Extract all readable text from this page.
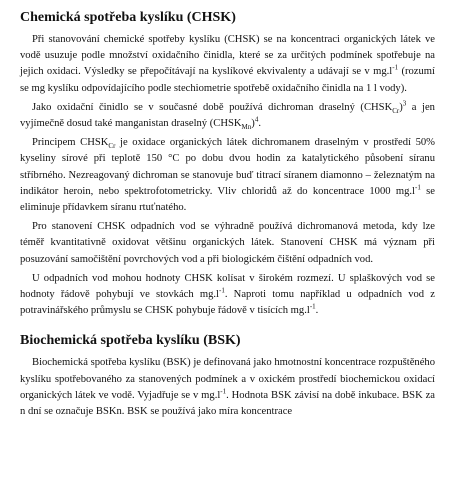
Chemická spotřeba kyslíku (CHSK)

Při stanovování chemické spotřeby kyslíku (CHSK) se na koncentraci organických látek ve vodě usuzuje podle množství oxidačního činidla, které se za určitých podmínek spotřebuje na jejich oxidaci. Výsledky se přepočítávají na kyslíkové ekvivalenty a udávají se v $mg.l^{-1}$ (rozumí se mg kyslíku odpovídajícího podle stechiometrie spotřebě oxidačního činidla na 1 l vody).

Jako oxidační činidlo se v současné době používá dichroman draselný $(CHSK_{Cr})^3$ a jen vyjímečně dosud také manganistan draselný $(CHSK_{Mn})^4$.

Principem $CHSK_{Cr}$ je oxidace organických látek dichromanem draselným v prostředí 50% kyseliny sírové při teplotě 150 °C po dobu dvou hodin za katalytického působení síranu stříbrného. Nezreagovaný dichroman se stanovuje buď titrací síranem diamonno – železnatým na indikátor heroin, nebo spektrofotometricky. Vliv chloridů až do koncentrace 1000 $mg.l^{-1}$ se eliminuje přídavkem síranu rtuťnatého.

Pro stanovení CHSK odpadních vod se výhradně používá dichromanová metoda, kdy lze téměř kvantitativně oxidovat většinu organických látek. Stanovení CHSK má význam při posuzování samočištění povrchových vod a při biologickém čištění odpadních vod.

U odpadních vod mohou hodnoty CHSK kolísat v širokém rozmezí. U splaškových vod se hodnoty řádově pohybují ve stovkách $mg.l^{-1}$. Naproti tomu například u odpadních vod z potravinářského průmyslu se CHSK pohybuje řádově v tisících $mg.l^{-1}$.

Biochemická spotřeba kyslíku (BSK)

Biochemická spotřeba kyslíku (BSK) je definovaná jako hmotnostní koncentrace rozpuštěného kyslíku spotřebovaného za stanovených podmínek a v oxickém prostředí biochemickou oxidací organických látek ve vodě. Vyjadřuje se v $mg.l^{-1}$. Hodnota BSK závisí na době inkubace. BSK za n dní se označuje BSKn. BSK se používá jako míra koncentrace
